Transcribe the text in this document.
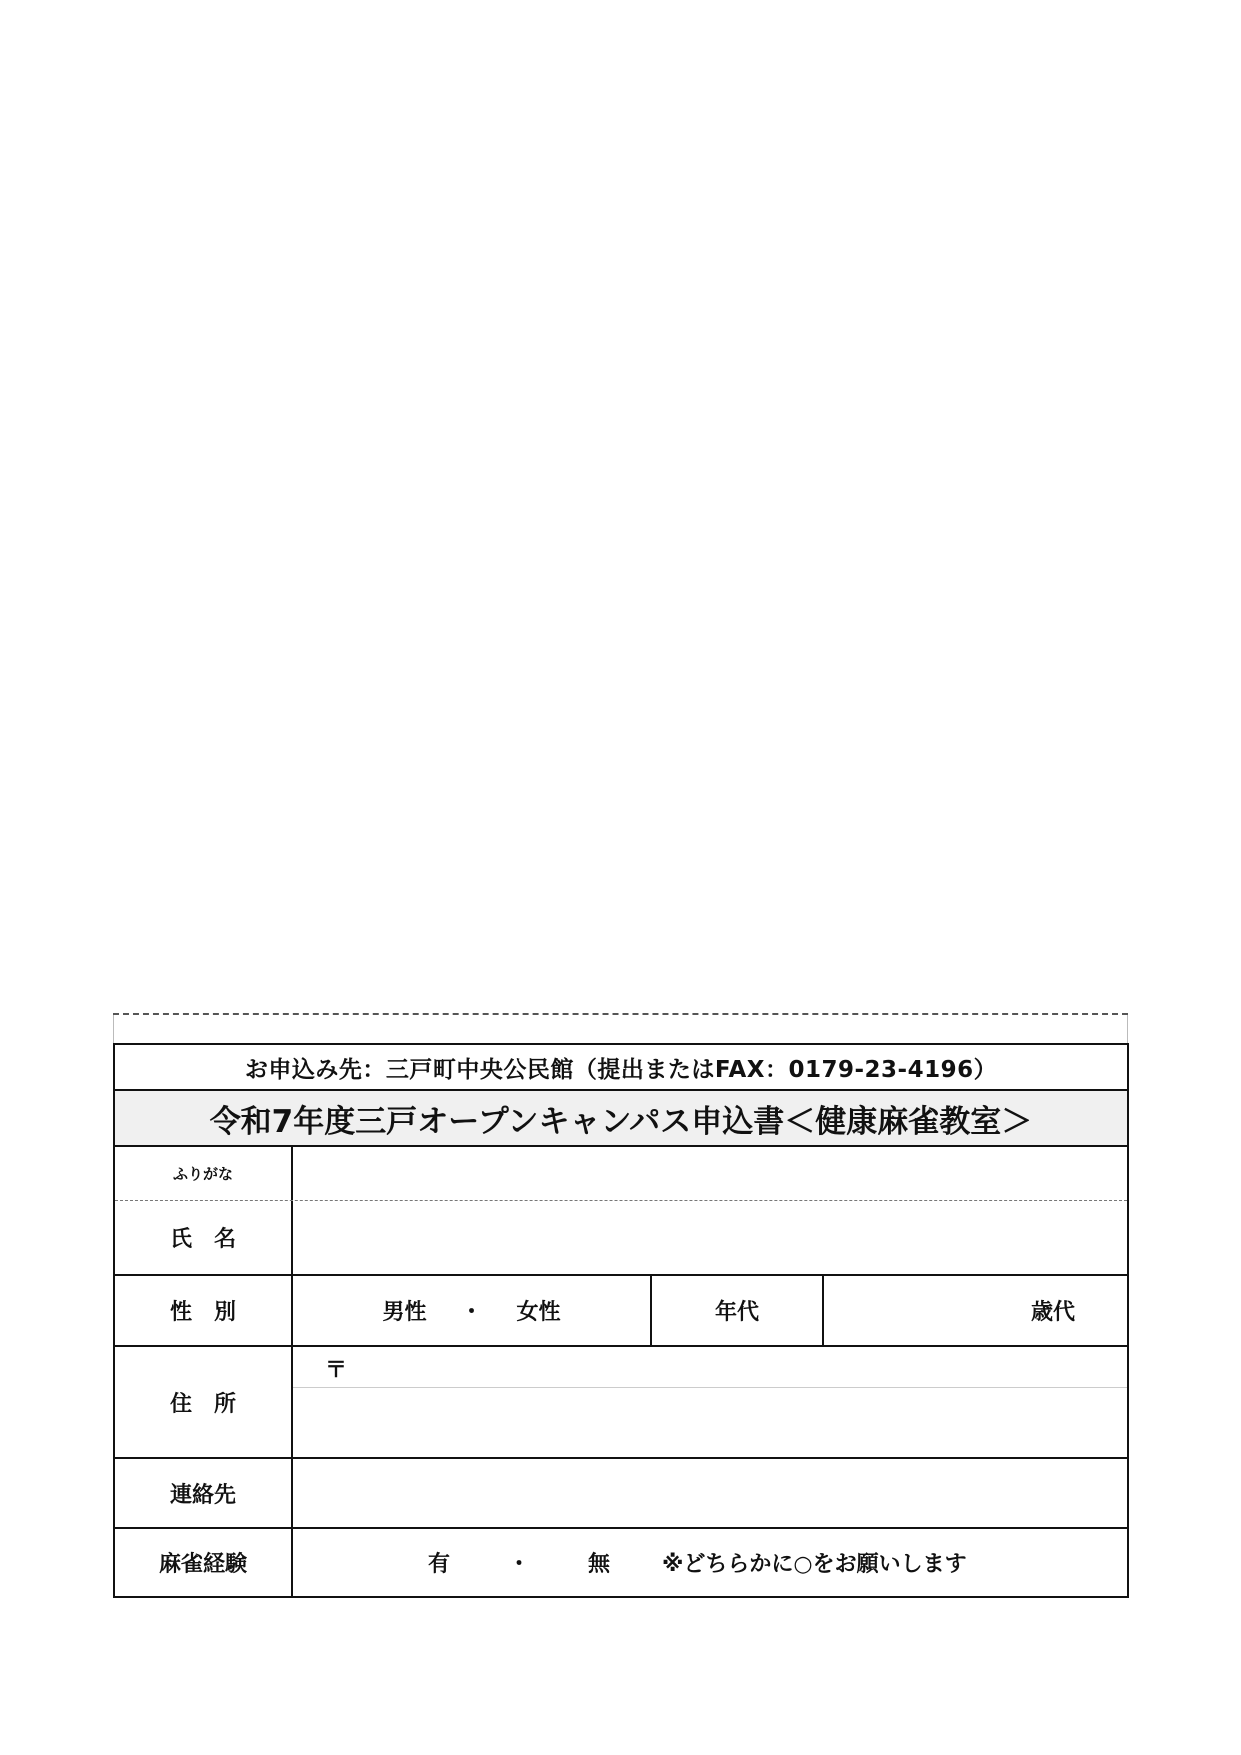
お申込み先：三戸町中央公民館（提出またはFAX：0179-23-4196）
令和7年度三戸オープンキャンパス申込書＜健康麻雀教室＞
ふりがな
氏　名
性　別	男性 ・ 女性	年代	歳代
住　所
〒
連絡先
麻雀経験	有	・	無 ※どちらかに○をお願いします
